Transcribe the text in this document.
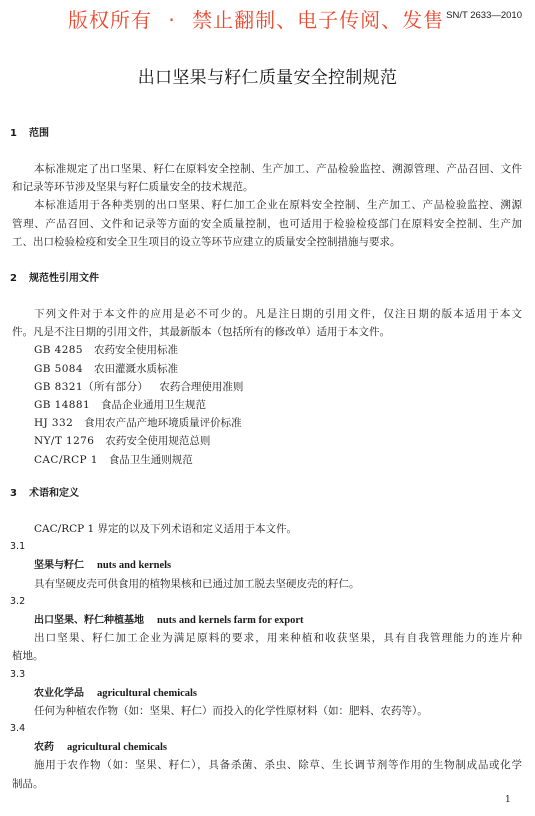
SN/T 2633—2010
版权所有 · 禁止翻制、电子传阅、发售
出口坚果与籽仁质量安全控制规范
1 范围
本标准规定了出口坚果、籽仁在原料安全控制、生产加工、产品检验监控、溯源管理、产品召回、文件
和记录等环节涉及坚果与籽仁质量安全的技术规范。
本标准适用于各种类别的出口坚果、籽仁加工企业在原料安全控制、生产加工、产品检验监控、溯源
管理、产品召回、文件和记录等方面的安全质量控制，也可适用于检验检疫部门在原料安全控制、生产加
工、出口检验检疫和安全卫生项目的设立等环节应建立的质量安全控制措施与要求。
2 规范性引用文件
下列文件对于本文件的应用是必不可少的。凡是注日期的引用文件，仅注日期的版本适用于本文
件。凡是不注日期的引用文件，其最新版本（包括所有的修改单）适用于本文件。
GB 4285 农药安全使用标准
GB 5084 农田灌溉水质标准
GB 8321（所有部分） 农药合理使用准则
GB 14881 食品企业通用卫生规范
HJ 332 食用农产品产地环境质量评价标准
NY/T 1276 农药安全使用规范总则
CAC/RCP 1 食品卫生通则规范
3 术语和定义
CAC/RCP 1 界定的以及下列术语和定义适用于本文件。
3.1
坚果与籽仁 nuts and kernels
具有坚硬皮壳可供食用的植物果核和已通过加工脱去坚硬皮壳的籽仁。
3.2
出口坚果、籽仁种植基地 nuts and kernels farm for export
出口坚果、籽仁加工企业为满足原料的要求，用来种植和收获坚果，具有自我管理能力的连片种
植地。
3.3
农业化学品 agricultural chemicals
任何为种植农作物（如：坚果、籽仁）而投入的化学性原材料（如：肥料、农药等）。
3.4
农药 agricultural chemicals
施用于农作物（如：坚果、籽仁），具备杀菌、杀虫、除草、生长调节剂等作用的生物制成品或化学
制品。
1
